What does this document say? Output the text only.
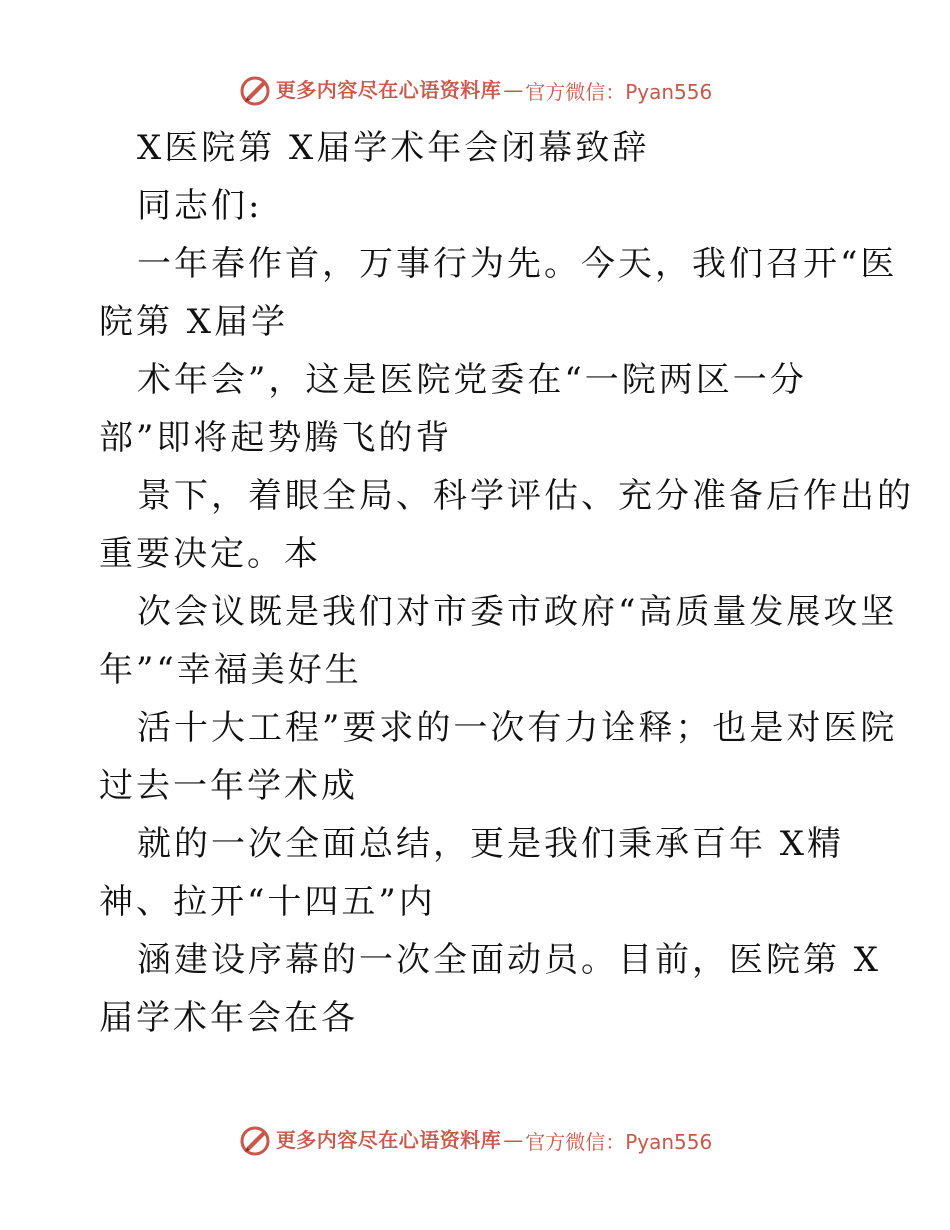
更多内容尽在心语资料库 — 官方微信：Pyan556
X医院第 X届学术年会闭幕致辞
同志们:
一年春作首，万事行为先。今天，我们召开“医
院第 X届学
术年会”，这是医院党委在“一院两区一分
部”即将起势腾飞的背
景下，着眼全局、科学评估、充分准备后作出的
重要决定。本
次会议既是我们对市委市政府“高质量发展攻坚
年”“幸福美好生
活十大工程”要求的一次有力诠释；也是对医院
过去一年学术成
就的一次全面总结，更是我们秉承百年 X精
神、拉开“十四五”内
涵建设序幕的一次全面动员。目前，医院第 X
届学术年会在各
更多内容尽在心语资料库 — 官方微信：Pyan556
